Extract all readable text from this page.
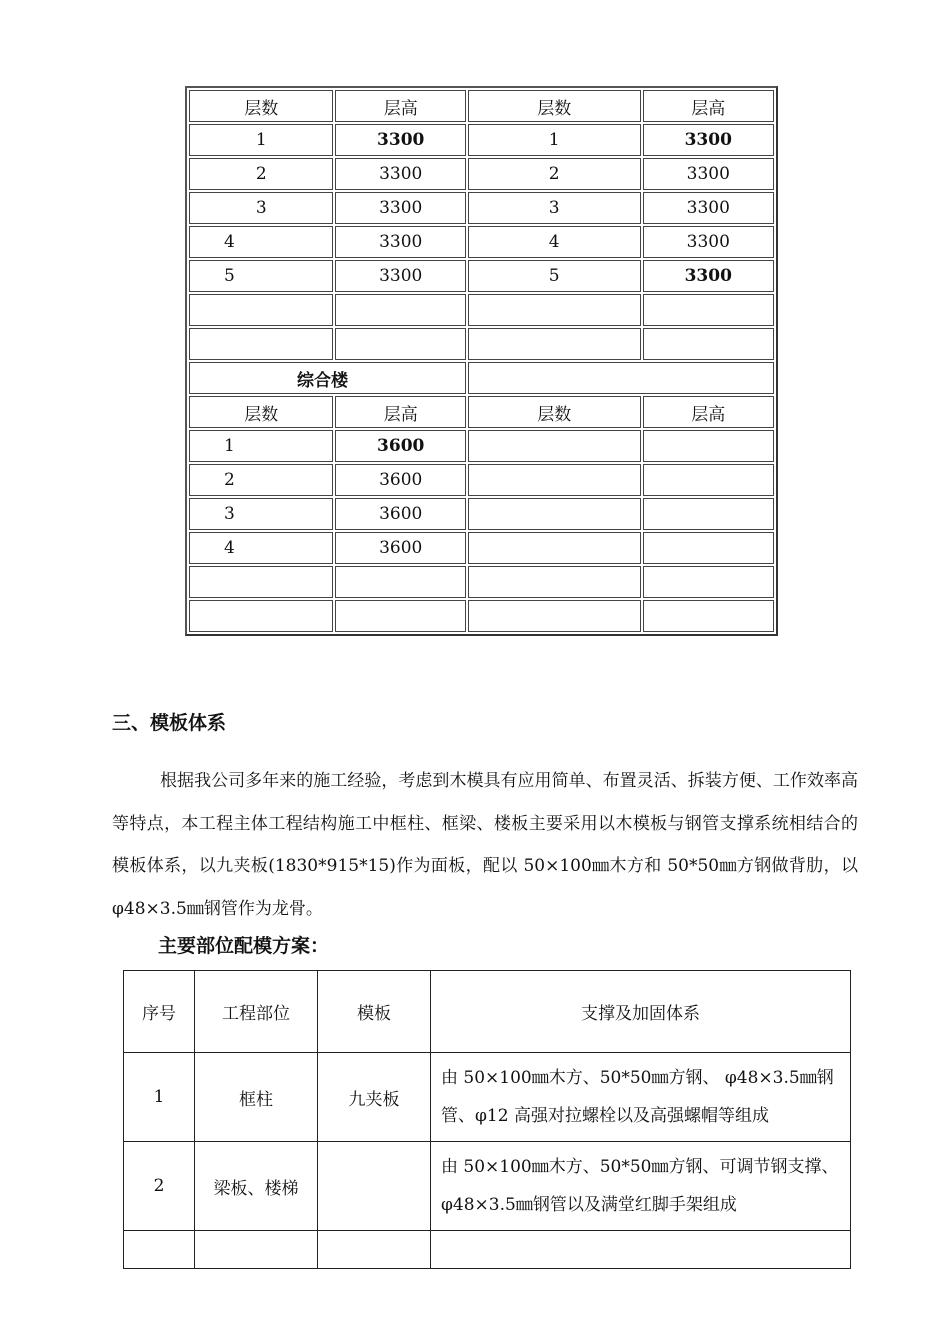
层数	层高	层数	层高
1	3300	1	3300
2	3300	2	3300
3	3300	3	3300
4	3300	4	3300
5	3300	5	3300

综合楼			
层数	层高	层数	层高
1	3600		
2	3600		
3	3600		
4	3600		

三、模板体系

根据我公司多年来的施工经验，考虑到木模具有应用简单、布置灵活、拆装方便、工作效率高等特点，本工程主体工程结构施工中框柱、框梁、楼板主要采用以木模板与钢管支撑系统相结合的模板体系，以九夹板(1830*915*15)作为面板，配以 50×100㎜木方和 50*50㎜方钢做背肋，以 φ48×3.5㎜钢管作为龙骨。

主要部位配模方案：
序号	工程部位	模板	支撑及加固体系
1	框柱	九夹板	由 50×100㎜木方、50*50㎜方钢、 φ48×3.5㎜钢管、φ12 高强对拉螺栓以及高强螺帽等组成
2	梁板、楼梯		由 50×100㎜木方、50*50㎜方钢、可调节钢支撑、 φ48×3.5㎜钢管以及满堂红脚手架组成
